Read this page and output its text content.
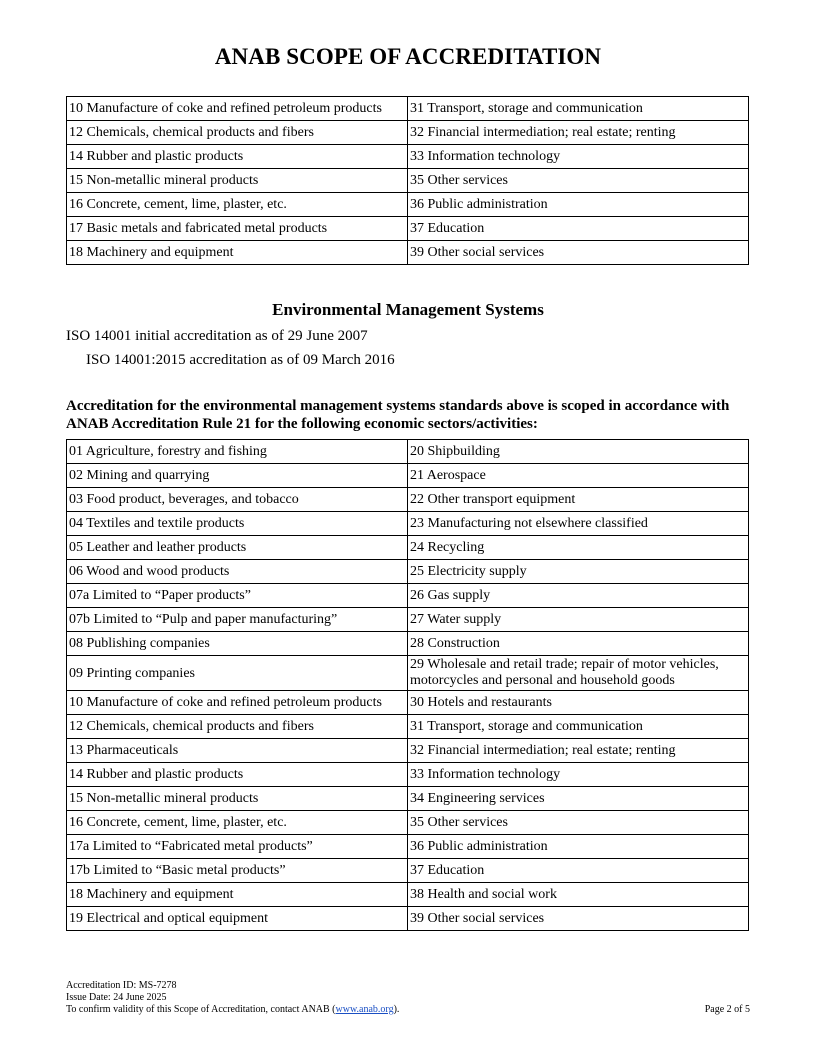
ANAB SCOPE OF ACCREDITATION
10 Manufacture of coke and refined petroleum products	31 Transport, storage and communication
12 Chemicals, chemical products and fibers	32 Financial intermediation; real estate; renting
14 Rubber and plastic products	33 Information technology
15 Non-metallic mineral products	35 Other services
16 Concrete, cement, lime, plaster, etc.	36 Public administration
17 Basic metals and fabricated metal products	37 Education
18 Machinery and equipment	39 Other social services
Environmental Management Systems
ISO 14001 initial accreditation as of 29 June 2007
ISO 14001:2015 accreditation as of 09 March 2016
Accreditation for the environmental management systems standards above is scoped in accordance with ANAB Accreditation Rule 21 for the following economic sectors/activities:
01 Agriculture, forestry and fishing	20 Shipbuilding
02 Mining and quarrying	21 Aerospace
03 Food product, beverages, and tobacco	22 Other transport equipment
04 Textiles and textile products	23 Manufacturing not elsewhere classified
05 Leather and leather products	24 Recycling
06 Wood and wood products	25 Electricity supply
07a Limited to “Paper products”	26 Gas supply
07b Limited to “Pulp and paper manufacturing”	27 Water supply
08 Publishing companies	28 Construction
09 Printing companies	29 Wholesale and retail trade; repair of motor vehicles, motorcycles and personal and household goods
10 Manufacture of coke and refined petroleum products	30 Hotels and restaurants
12 Chemicals, chemical products and fibers	31 Transport, storage and communication
13 Pharmaceuticals	32 Financial intermediation; real estate; renting
14 Rubber and plastic products	33 Information technology
15 Non-metallic mineral products	34 Engineering services
16 Concrete, cement, lime, plaster, etc.	35 Other services
17a Limited to “Fabricated metal products”	36 Public administration
17b Limited to “Basic metal products”	37 Education
18 Machinery and equipment	38 Health and social work
19 Electrical and optical equipment	39 Other social services
Accreditation ID: MS-7278
Issue Date: 24 June 2025
To confirm validity of this Scope of Accreditation, contact ANAB (www.anab.org).	Page 2 of 5
